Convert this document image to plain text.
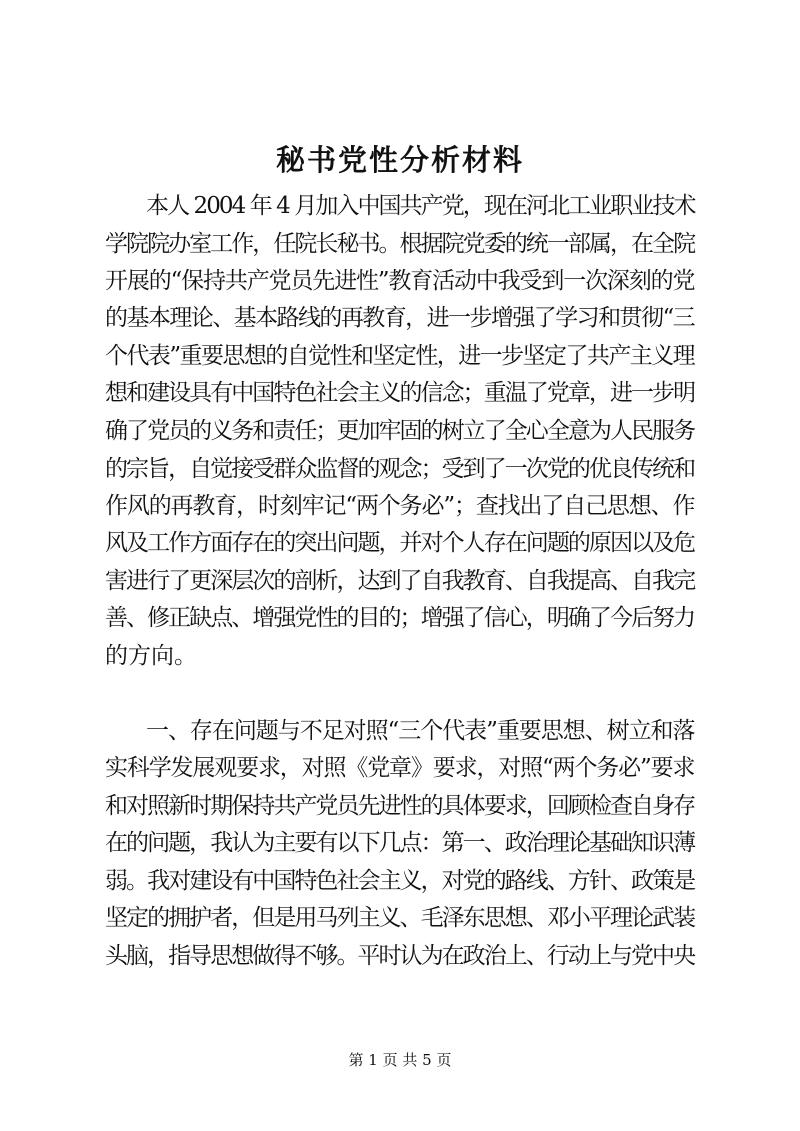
秘书党性分析材料
本人 2004 年 4 月加入中国共产党，现在河北工业职业技术
学院院办室工作，任院长秘书。根据院党委的统一部属，在全院
开展的“保持共产党员先进性”教育活动中我受到一次深刻的党
的基本理论、基本路线的再教育，进一步增强了学习和贯彻“三
个代表”重要思想的自觉性和坚定性，进一步坚定了共产主义理
想和建设具有中国特色社会主义的信念；重温了党章，进一步明
确了党员的义务和责任；更加牢固的树立了全心全意为人民服务
的宗旨，自觉接受群众监督的观念；受到了一次党的优良传统和
作风的再教育，时刻牢记“两个务必”；查找出了自己思想、作
风及工作方面存在的突出问题，并对个人存在问题的原因以及危
害进行了更深层次的剖析，达到了自我教育、自我提高、自我完
善、修正缺点、增强党性的目的；增强了信心，明确了今后努力
的方向。
一、存在问题与不足对照“三个代表”重要思想、树立和落
实科学发展观要求，对照《党章》要求，对照“两个务必”要求
和对照新时期保持共产党员先进性的具体要求，回顾检查自身存
在的问题，我认为主要有以下几点：第一、政治理论基础知识薄
弱。我对建设有中国特色社会主义，对党的路线、方针、政策是
坚定的拥护者，但是用马列主义、毛泽东思想、邓小平理论武装
头脑，指导思想做得不够。平时认为在政治上、行动上与党中央
第 1 页 共 5 页
